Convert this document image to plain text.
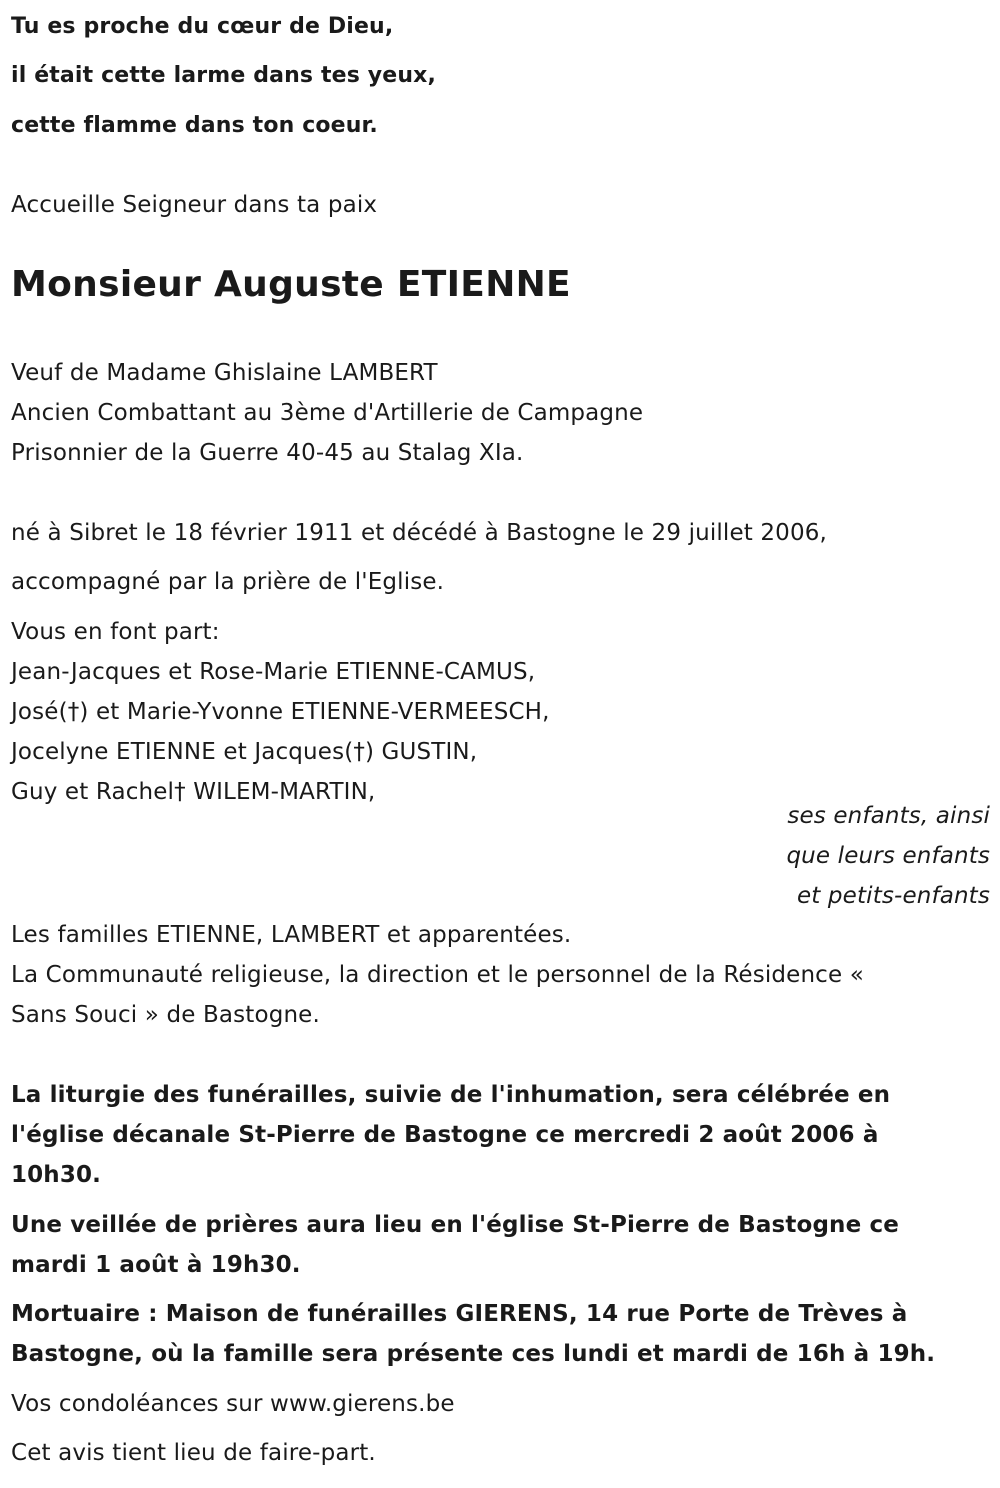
Tu es proche du cœur de Dieu,
il était cette larme dans tes yeux,
cette flamme dans ton coeur.
Accueille Seigneur dans ta paix
Monsieur Auguste ETIENNE
Veuf de Madame Ghislaine LAMBERT
Ancien Combattant au 3ème d'Artillerie de Campagne
Prisonnier de la Guerre 40-45 au Stalag XIa.
né à Sibret le 18 février 1911 et décédé à Bastogne le 29 juillet 2006,
accompagné par la prière de l'Eglise.
Vous en font part:
Jean-Jacques et Rose-Marie ETIENNE-CAMUS,
José(†) et Marie-Yvonne ETIENNE-VERMEESCH,
Jocelyne ETIENNE et Jacques(†) GUSTIN,
Guy et Rachel† WILEM-MARTIN,
ses enfants, ainsi
que leurs enfants
et petits-enfants
Les familles ETIENNE, LAMBERT et apparentées.
La Communauté religieuse, la direction et le personnel de la Résidence «
Sans Souci » de Bastogne.
La liturgie des funérailles, suivie de l'inhumation, sera célébrée en
l'église décanale St-Pierre de Bastogne ce mercredi 2 août 2006 à
10h30.
Une veillée de prières aura lieu en l'église St-Pierre de Bastogne ce
mardi 1 août à 19h30.
Mortuaire : Maison de funérailles GIERENS, 14 rue Porte de Trèves à
Bastogne, où la famille sera présente ces lundi et mardi de 16h à 19h.
Vos condoléances sur www.gierens.be
Cet avis tient lieu de faire-part.
